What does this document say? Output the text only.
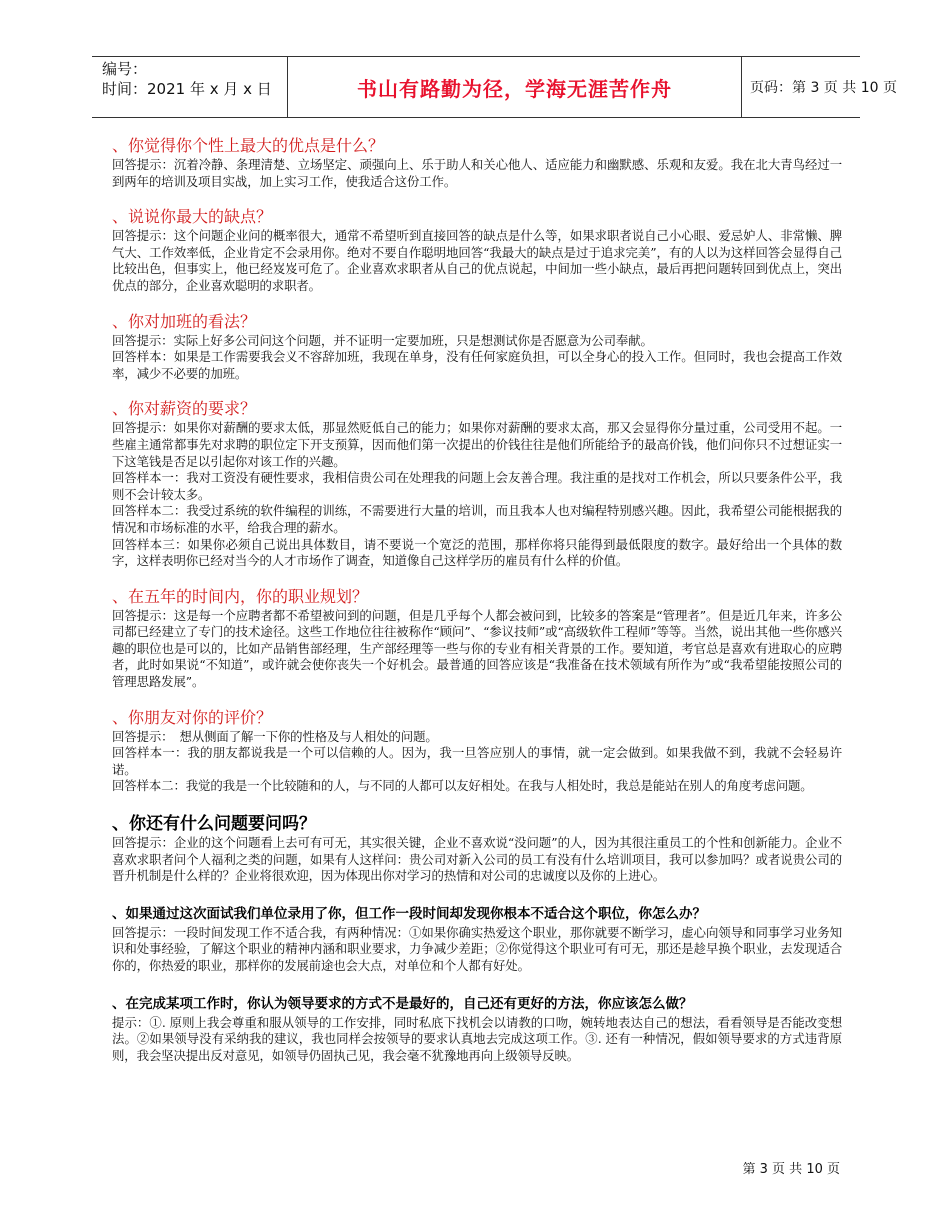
编号：
时间：2021 年 x 月 x 日	书山有路勤为径，学海无涯苦作舟	页码：第 3 页 共 10 页
、你觉得你个性上最大的优点是什么？

回答提示：沉着冷静、条理清楚、立场坚定、顽强向上、乐于助人和关心他人、适应能力和幽默感、乐观和友爱。我在北大青鸟经过一到两年的培训及项目实战，加上实习工作，使我适合这份工作。

、说说你最大的缺点？

回答提示：这个问题企业问的概率很大，通常不希望听到直接回答的缺点是什么等，如果求职者说自己小心眼、爱忌妒人、非常懒、脾气大、工作效率低，企业肯定不会录用你。绝对不要自作聪明地回答“我最大的缺点是过于追求完美”，有的人以为这样回答会显得自己比较出色，但事实上，他已经岌岌可危了。企业喜欢求职者从自己的优点说起，中间加一些小缺点，最后再把问题转回到优点上，突出优点的部分，企业喜欢聪明的求职者。

、你对加班的看法？

回答提示：实际上好多公司问这个问题，并不证明一定要加班，只是想测试你是否愿意为公司奉献。

回答样本：如果是工作需要我会义不容辞加班，我现在单身，没有任何家庭负担，可以全身心的投入工作。但同时，我也会提高工作效率，减少不必要的加班。

、你对薪资的要求？

回答提示：如果你对薪酬的要求太低，那显然贬低自己的能力；如果你对薪酬的要求太高，那又会显得你分量过重，公司受用不起。一些雇主通常都事先对求聘的职位定下开支预算，因而他们第一次提出的价钱往往是他们所能给予的最高价钱，他们问你只不过想证实一下这笔钱是否足以引起你对该工作的兴趣。

回答样本一：我对工资没有硬性要求，我相信贵公司在处理我的问题上会友善合理。我注重的是找对工作机会，所以只要条件公平，我则不会计较太多。

回答样本二：我受过系统的软件编程的训练，不需要进行大量的培训，而且我本人也对编程特别感兴趣。因此，我希望公司能根据我的情况和市场标准的水平，给我合理的薪水。

回答样本三：如果你必须自己说出具体数目，请不要说一个宽泛的范围，那样你将只能得到最低限度的数字。最好给出一个具体的数字，这样表明你已经对当今的人才市场作了调查，知道像自己这样学历的雇员有什么样的价值。

、在五年的时间内，你的职业规划？

回答提示：这是每一个应聘者都不希望被问到的问题，但是几乎每个人都会被问到，比较多的答案是“管理者”。但是近几年来，许多公司都已经建立了专门的技术途径。这些工作地位往往被称作“顾问”、“参议技师”或“高级软件工程师”等等。当然，说出其他一些你感兴趣的职位也是可以的，比如产品销售部经理，生产部经理等一些与你的专业有相关背景的工作。要知道，考官总是喜欢有进取心的应聘者，此时如果说“不知道”，或许就会使你丧失一个好机会。最普通的回答应该是“我准备在技术领域有所作为”或“我希望能按照公司的管理思路发展”。

、你朋友对你的评价？

回答提示：　想从侧面了解一下你的性格及与人相处的问题。

回答样本一：我的朋友都说我是一个可以信赖的人。因为，我一旦答应别人的事情，就一定会做到。如果我做不到，我就不会轻易许诺。

回答样本二：我觉的我是一个比较随和的人，与不同的人都可以友好相处。在我与人相处时，我总是能站在别人的角度考虑问题。

、你还有什么问题要问吗？

回答提示：企业的这个问题看上去可有可无，其实很关键，企业不喜欢说“没问题”的人，因为其很注重员工的个性和创新能力。企业不喜欢求职者问个人福利之类的问题，如果有人这样问：贵公司对新入公司的员工有没有什么培训项目，我可以参加吗？或者说贵公司的晋升机制是什么样的？企业将很欢迎，因为体现出你对学习的热情和对公司的忠诚度以及你的上进心。

、如果通过这次面试我们单位录用了你，但工作一段时间却发现你根本不适合这个职位，你怎么办？

回答提示：一段时间发现工作不适合我，有两种情况：①如果你确实热爱这个职业，那你就要不断学习，虚心向领导和同事学习业务知识和处事经验，了解这个职业的精神内涵和职业要求，力争减少差距；②你觉得这个职业可有可无，那还是趁早换个职业，去发现适合你的，你热爱的职业，那样你的发展前途也会大点，对单位和个人都有好处。

、在完成某项工作时，你认为领导要求的方式不是最好的，自己还有更好的方法，你应该怎么做？

提示：①. 原则上我会尊重和服从领导的工作安排，同时私底下找机会以请教的口吻，婉转地表达自己的想法，看看领导是否能改变想法。②如果领导没有采纳我的建议，我也同样会按领导的要求认真地去完成这项工作。③. 还有一种情况，假如领导要求的方式违背原则，我会坚决提出反对意见，如领导仍固执己见，我会毫不犹豫地再向上级领导反映。

第 3 页 共 10 页
